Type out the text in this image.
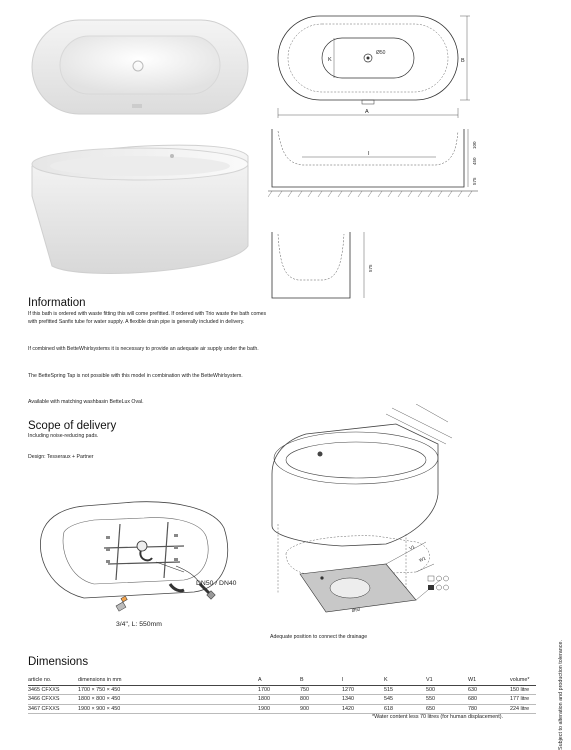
Ø50
K
A
B
I
100
450
575
575
Information
If this bath is ordered with waste fitting this will come prefitted. If ordered with Trio waste the bath comes with prefitted Sanfix tube for water supply. A flexible drain pipe is generally included in delivery.
If combined with BetteWhirlsystems it is necessary to provide an adequate air supply under the bath.
The BetteSpring Tap is not possible with this model in combination with the BetteWhirlsystem.
Available with matching washbasin BetteLux Oval.
Scope of delivery
Including noise-reducing pads.
Design: Tesseraux + Partner
DN50 / DN40
3/4", L: 550mm
V1
W1
Ø50
Adequate position to connect the drainage
Dimensions
article no.	dimensions in mm	A	B	I	K	V1	W1	volume*
3465 CFXXS	1700 × 750 × 450	1700	750	1270	515	500	630	150 litre
3466 CFXXS	1800 × 800 × 450	1800	800	1340	545	550	680	177 litre
3467 CFXXS	1900 × 900 × 450	1900	900	1420	618	650	780	224 litre
*Water content less 70 litres (for human displacement).	Subject to alteration and production tolerance.
